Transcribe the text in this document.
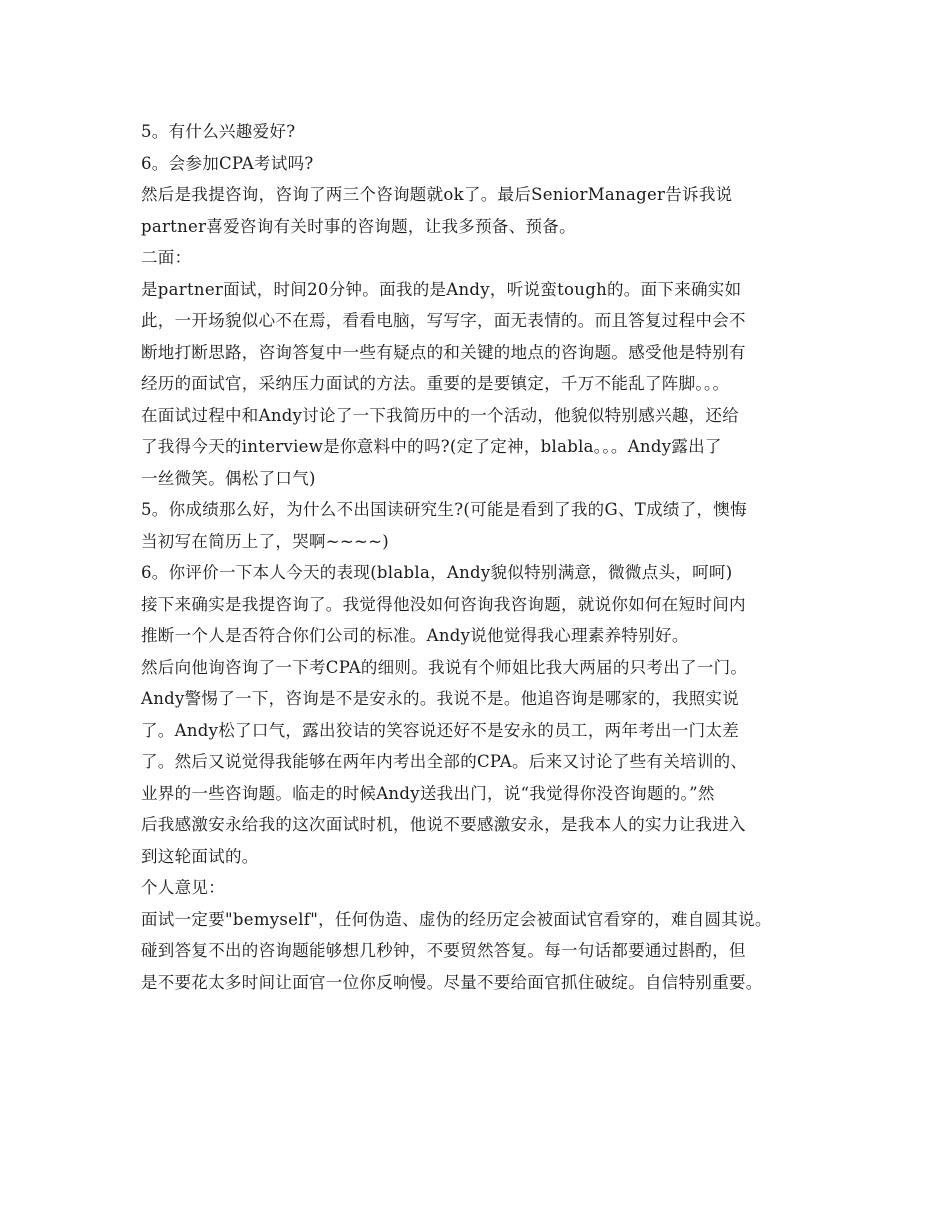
5。有什么兴趣爱好?
6。会参加CPA考试吗?
然后是我提咨询，咨询了两三个咨询题就ok了。最后SeniorManager告诉我说
partner喜爱咨询有关时事的咨询题，让我多预备、预备。
二面：
是partner面试，时间20分钟。面我的是Andy，听说蛮tough的。面下来确实如
此，一开场貌似心不在焉，看看电脑，写写字，面无表情的。而且答复过程中会不
断地打断思路，咨询答复中一些有疑点的和关键的地点的咨询题。感受他是特别有
经历的面试官，采纳压力面试的方法。重要的是要镇定，千万不能乱了阵脚。。。
在面试过程中和Andy讨论了一下我简历中的一个活动，他貌似特别感兴趣，还给
了我得今天的interview是你意料中的吗?(定了定神，blabla。。。Andy露出了
一丝微笑。偶松了口气)
5。你成绩那么好，为什么不出国读研究生?(可能是看到了我的G、T成绩了，懊悔
当初写在简历上了，哭啊~~~~)
6。你评价一下本人今天的表现(blabla，Andy貌似特别满意，微微点头，呵呵)
接下来确实是我提咨询了。我觉得他没如何咨询我咨询题，就说你如何在短时间内
推断一个人是否符合你们公司的标准。Andy说他觉得我心理素养特别好。
然后向他询咨询了一下考CPA的细则。我说有个师姐比我大两届的只考出了一门。
Andy警惕了一下，咨询是不是安永的。我说不是。他追咨询是哪家的，我照实说
了。Andy松了口气，露出狡诘的笑容说还好不是安永的员工，两年考出一门太差
了。然后又说觉得我能够在两年内考出全部的CPA。后来又讨论了些有关培训的、
业界的一些咨询题。临走的时候Andy送我出门，说“我觉得你没咨询题的。”然
后我感激安永给我的这次面试时机，他说不要感激安永，是我本人的实力让我进入
到这轮面试的。
个人意见：
面试一定要"bemyself"，任何伪造、虚伪的经历定会被面试官看穿的，难自圆其说。
碰到答复不出的咨询题能够想几秒钟，不要贸然答复。每一句话都要通过斟酌，但
是不要花太多时间让面官一位你反响慢。尽量不要给面官抓住破绽。自信特别重要。
